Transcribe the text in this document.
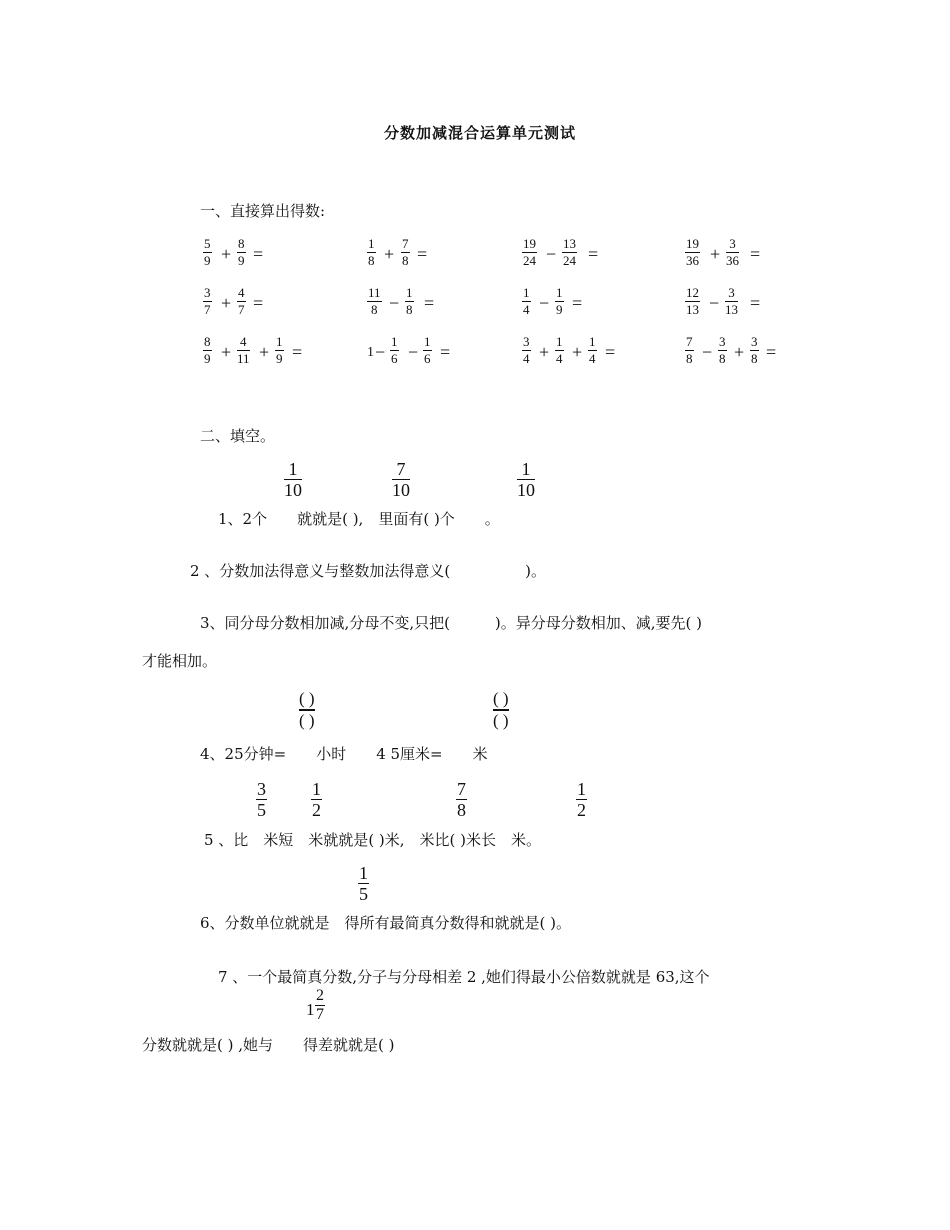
分数加减混合运算单元测试
一、直接算出得数:
5
9 +
8
9 =
1
8 +
7
8 =
19
24 −
13
24 =
19
36 +
3
36 =
3
7 +
4
7 =
11
8 −
1
8 =
1
4 −
1
9 =
12
13 −
3
13 =
8
9 +
4
11 +
1
9 =	1 −
1
6 −
1
6 =
3
4 +
1
4 +
1
4 =
7
8 −
3
8 +
3
8 =
二、填空。
1
10
7
10
1
10
1、2个　　就就是( ),　里面有( )个　　。
2 、分数加法得意义与整数加法得意义(　　　　　)。
3、同分母分数相加减,分母不变,只把(　　　)。异分母分数相加、减,要先( )
才能相加。
( )
( )
( )
( )
4、25分钟=　　小时　　4 5厘米=　　米
3
5
1
2
7
8
1
2
5 、比　米短　米就就是( )米,　米比( )米长　米。
1
5
6、分数单位就就是　得所有最简真分数得和就就是( )。
7 、一个最简真分数,分子与分母相差 2 ,她们得最小公倍数就就是 63,这个
1
2
7
分数就就是( ) ,她与　　得差就就是( )
